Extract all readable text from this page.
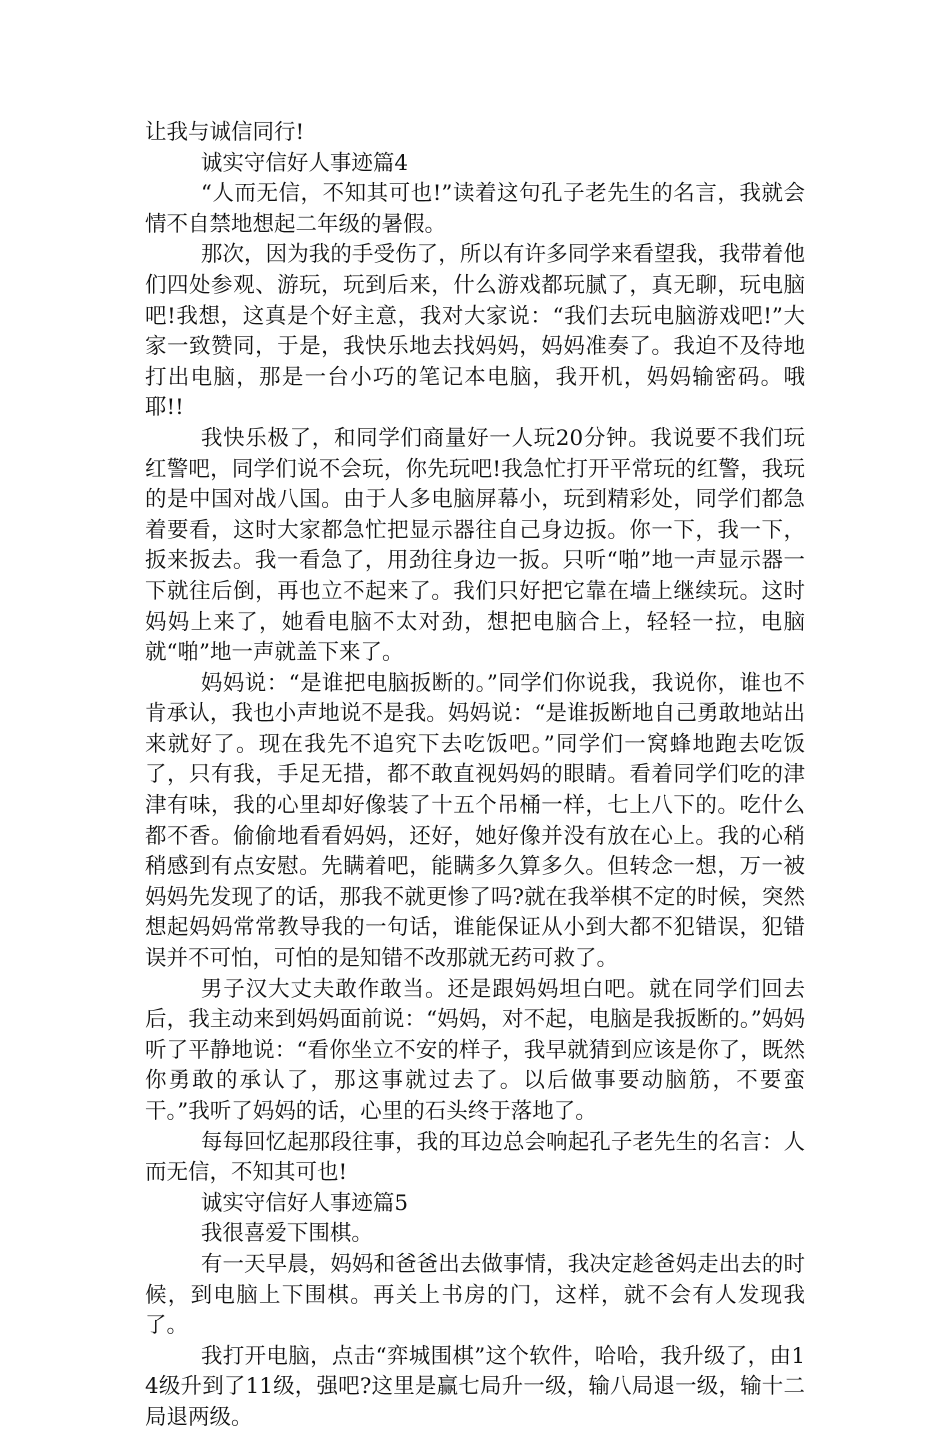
让我与诚信同行!

诚实守信好人事迹篇4

“人而无信，不知其可也!”读着这句孔子老先生的名言，我就会情不自禁地想起二年级的暑假。

那次，因为我的手受伤了，所以有许多同学来看望我，我带着他们四处参观、游玩，玩到后来，什么游戏都玩腻了，真无聊，玩电脑吧!我想，这真是个好主意，我对大家说：“我们去玩电脑游戏吧!”大家一致赞同，于是，我快乐地去找妈妈，妈妈准奏了。我迫不及待地打出电脑，那是一台小巧的笔记本电脑，我开机，妈妈输密码。哦耶!!

我快乐极了，和同学们商量好一人玩20分钟。我说要不我们玩红警吧，同学们说不会玩，你先玩吧!我急忙打开平常玩的红警，我玩的是中国对战八国。由于人多电脑屏幕小，玩到精彩处，同学们都急着要看，这时大家都急忙把显示器往自己身边扳。你一下，我一下，扳来扳去。我一看急了，用劲往身边一扳。只听“啪”地一声显示器一下就往后倒，再也立不起来了。我们只好把它靠在墙上继续玩。这时妈妈上来了，她看电脑不太对劲，想把电脑合上，轻轻一拉，电脑就“啪”地一声就盖下来了。

妈妈说：“是谁把电脑扳断的。”同学们你说我，我说你，谁也不肯承认，我也小声地说不是我。妈妈说：“是谁扳断地自己勇敢地站出来就好了。现在我先不追究下去吃饭吧。”同学们一窝蜂地跑去吃饭了，只有我，手足无措，都不敢直视妈妈的眼睛。看着同学们吃的津津有味，我的心里却好像装了十五个吊桶一样，七上八下的。吃什么都不香。偷偷地看看妈妈，还好，她好像并没有放在心上。我的心稍稍感到有点安慰。先瞒着吧，能瞒多久算多久。但转念一想，万一被妈妈先发现了的话，那我不就更惨了吗?就在我举棋不定的时候，突然想起妈妈常常教导我的一句话，谁能保证从小到大都不犯错误，犯错误并不可怕，可怕的是知错不改那就无药可救了。

男子汉大丈夫敢作敢当。还是跟妈妈坦白吧。就在同学们回去后，我主动来到妈妈面前说：“妈妈，对不起，电脑是我扳断的。”妈妈听了平静地说：“看你坐立不安的样子，我早就猜到应该是你了，既然你勇敢的承认了，那这事就过去了。以后做事要动脑筋，不要蛮干。”我听了妈妈的话，心里的石头终于落地了。

每每回忆起那段往事，我的耳边总会响起孔子老先生的名言：人而无信，不知其可也!

诚实守信好人事迹篇5

我很喜爱下围棋。

有一天早晨，妈妈和爸爸出去做事情，我决定趁爸妈走出去的时候，到电脑上下围棋。再关上书房的门，这样，就不会有人发现我了。

我打开电脑，点击“弈城围棋”这个软件，哈哈，我升级了，由14级升到了11级，强吧?这里是赢七局升一级，输八局退一级，输十二局退两级。
